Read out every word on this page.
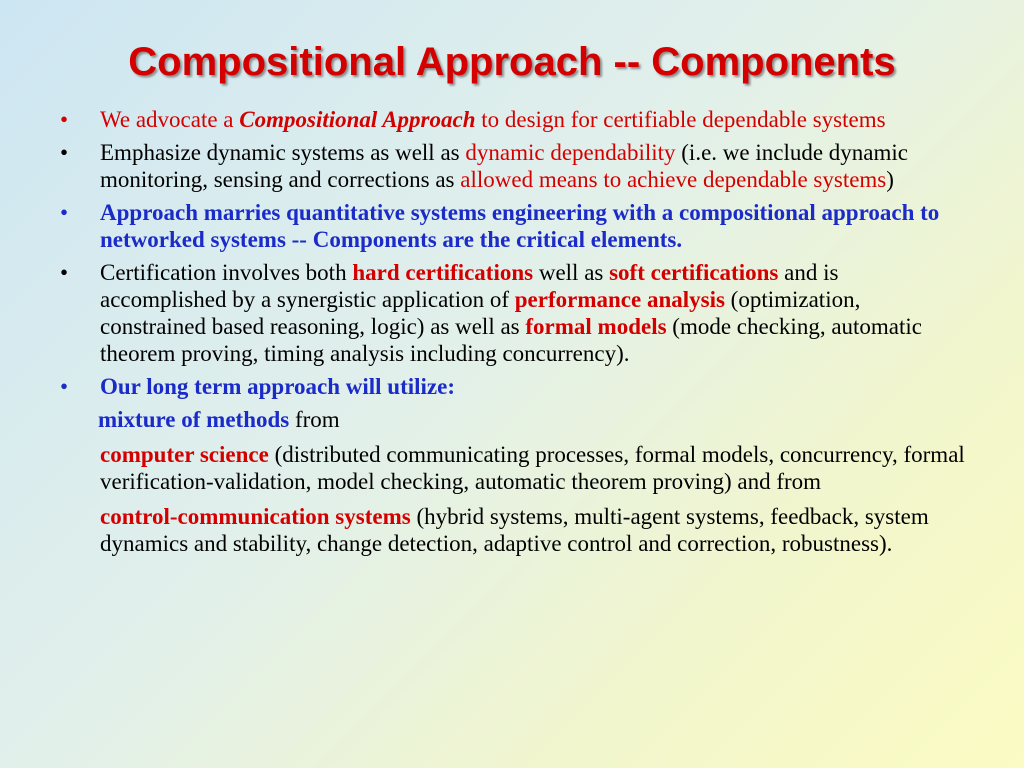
Compositional Approach -- Components
• We advocate a Compositional Approach to design for certifiable dependable systems
• Emphasize dynamic systems as well as dynamic dependability (i.e. we include dynamic monitoring, sensing and corrections as allowed means to achieve dependable systems)
• Approach marries quantitative systems engineering with a compositional approach to networked systems -- Components are the critical elements.
• Certification involves both hard certifications well as soft certifications and is accomplished by a synergistic application of performance analysis (optimization, constrained based reasoning, logic) as well as formal models (mode checking, automatic theorem proving, timing analysis including concurrency).
• Our long term approach will utilize:
mixture of methods from
computer science (distributed communicating processes, formal models, concurrency, formal verification-validation, model checking, automatic theorem proving) and from
control-communication systems (hybrid systems, multi-agent systems, feedback, system dynamics and stability, change detection, adaptive control and correction, robustness).
